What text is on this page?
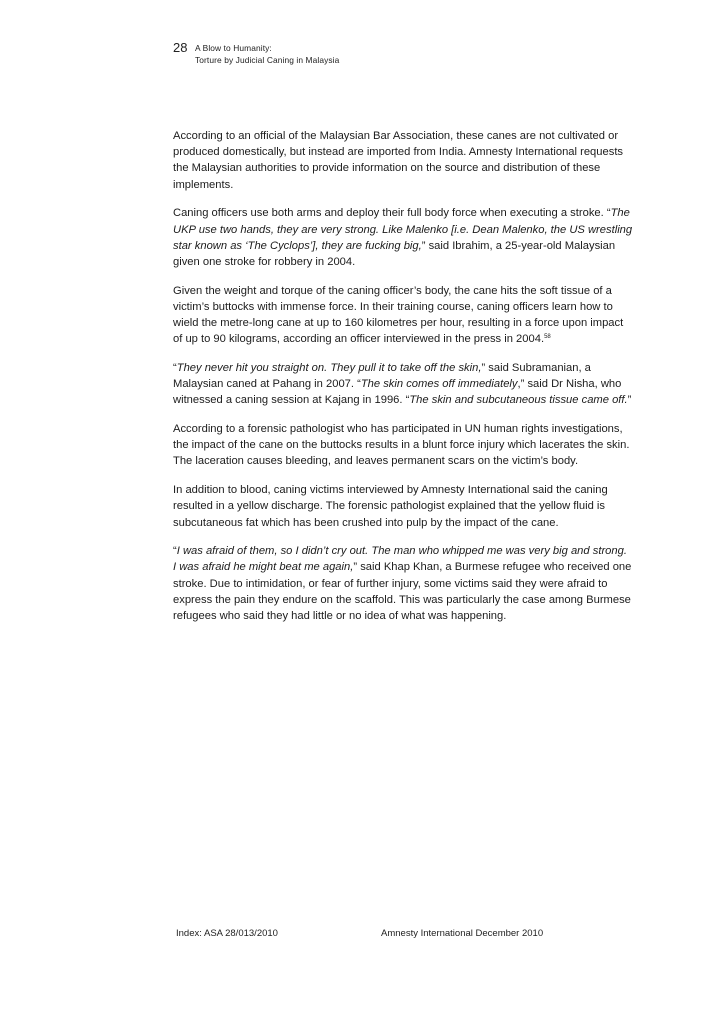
28 A Blow to Humanity:
Torture by Judicial Caning in Malaysia

According to an official of the Malaysian Bar Association, these canes are not cultivated or produced domestically, but instead are imported from India. Amnesty International requests the Malaysian authorities to provide information on the source and distribution of these implements.

Caning officers use both arms and deploy their full body force when executing a stroke. “The UKP use two hands, they are very strong. Like Malenko [i.e. Dean Malenko, the US wrestling star known as ‘The Cyclops’], they are fucking big,” said Ibrahim, a 25-year-old Malaysian given one stroke for robbery in 2004.

Given the weight and torque of the caning officer’s body, the cane hits the soft tissue of a victim’s buttocks with immense force. In their training course, caning officers learn how to wield the metre-long cane at up to 160 kilometres per hour, resulting in a force upon impact of up to 90 kilograms, according an officer interviewed in the press in 2004.58

“They never hit you straight on. They pull it to take off the skin,” said Subramanian, a Malaysian caned at Pahang in 2007. “The skin comes off immediately,” said Dr Nisha, who witnessed a caning session at Kajang in 1996. “The skin and subcutaneous tissue came off.”

According to a forensic pathologist who has participated in UN human rights investigations, the impact of the cane on the buttocks results in a blunt force injury which lacerates the skin. The laceration causes bleeding, and leaves permanent scars on the victim’s body.

In addition to blood, caning victims interviewed by Amnesty International said the caning resulted in a yellow discharge. The forensic pathologist explained that the yellow fluid is subcutaneous fat which has been crushed into pulp by the impact of the cane.

“I was afraid of them, so I didn’t cry out. The man who whipped me was very big and strong. I was afraid he might beat me again,” said Khap Khan, a Burmese refugee who received one stroke. Due to intimidation, or fear of further injury, some victims said they were afraid to express the pain they endure on the scaffold. This was particularly the case among Burmese refugees who said they had little or no idea of what was happening.

Index: ASA 28/013/2010	Amnesty International December 2010
